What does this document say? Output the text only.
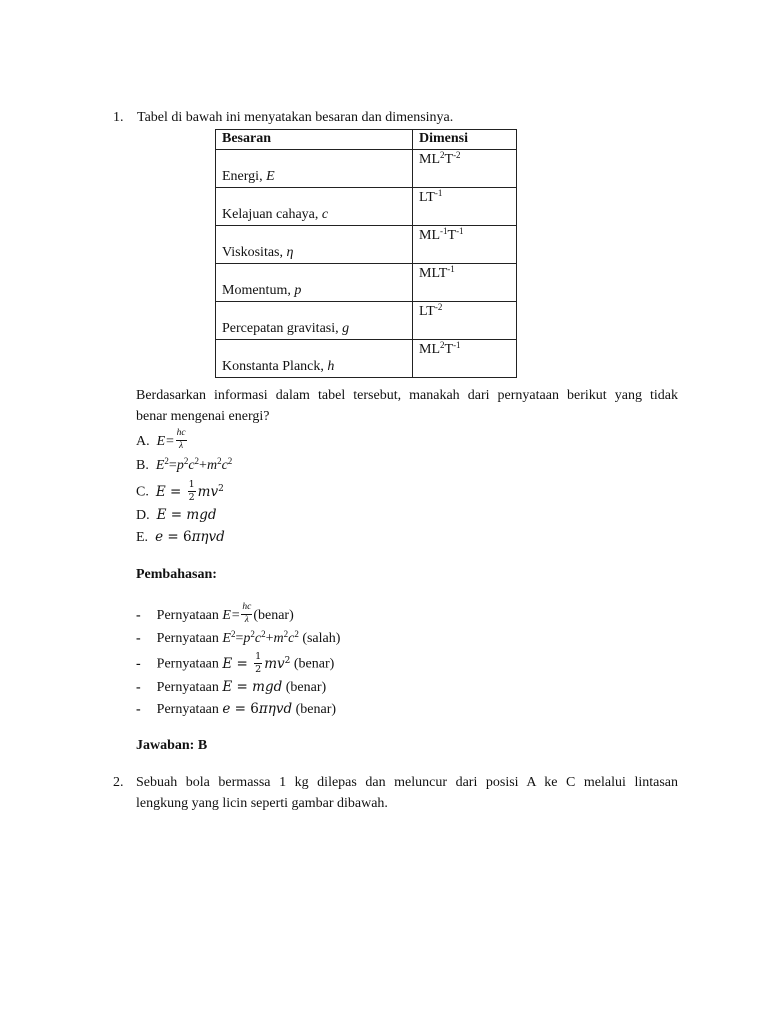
1. Tabel di bawah ini menyatakan besaran dan dimensinya.
Besaran	Dimensi
Energi, E	$ML^2T^{-2}$
Kelajuan cahaya, c	$LT^{-1}$
Viskositas, η	$ML^{-1}T^{-1}$
Momentum, p	$MLT^{-1}$
Percepatan gravitasi, g	$LT^{-2}$
Konstanta Planck, h	$ML^2T^{-1}$
Berdasarkan informasi dalam tabel tersebut, manakah dari pernyataan berikut yang tidak
benar mengenai energi?
A. $E= \frac{hc}{\lambda}$
B. $E^2=p^2c^2+m^2c^2$
C. $E = \frac{1}{2} mv^2$
D. E = mgd
E. e = 6πηvd
Pembahasan:
- Pernyataan $E= \frac{hc}{\lambda}$ (benar)
- Pernyataan $E^2=p^2c^2+m^2c^2$ (salah)
- Pernyataan $E = \frac{1}{2} mv^2$ (benar)
- Pernyataan E = mgd (benar)
- Pernyataan e = 6πηvd (benar)
Jawaban: B
2. Sebuah bola bermassa 1 kg dilepas dan meluncur dari posisi A ke C melalui lintasan
lengkung yang licin seperti gambar dibawah.
